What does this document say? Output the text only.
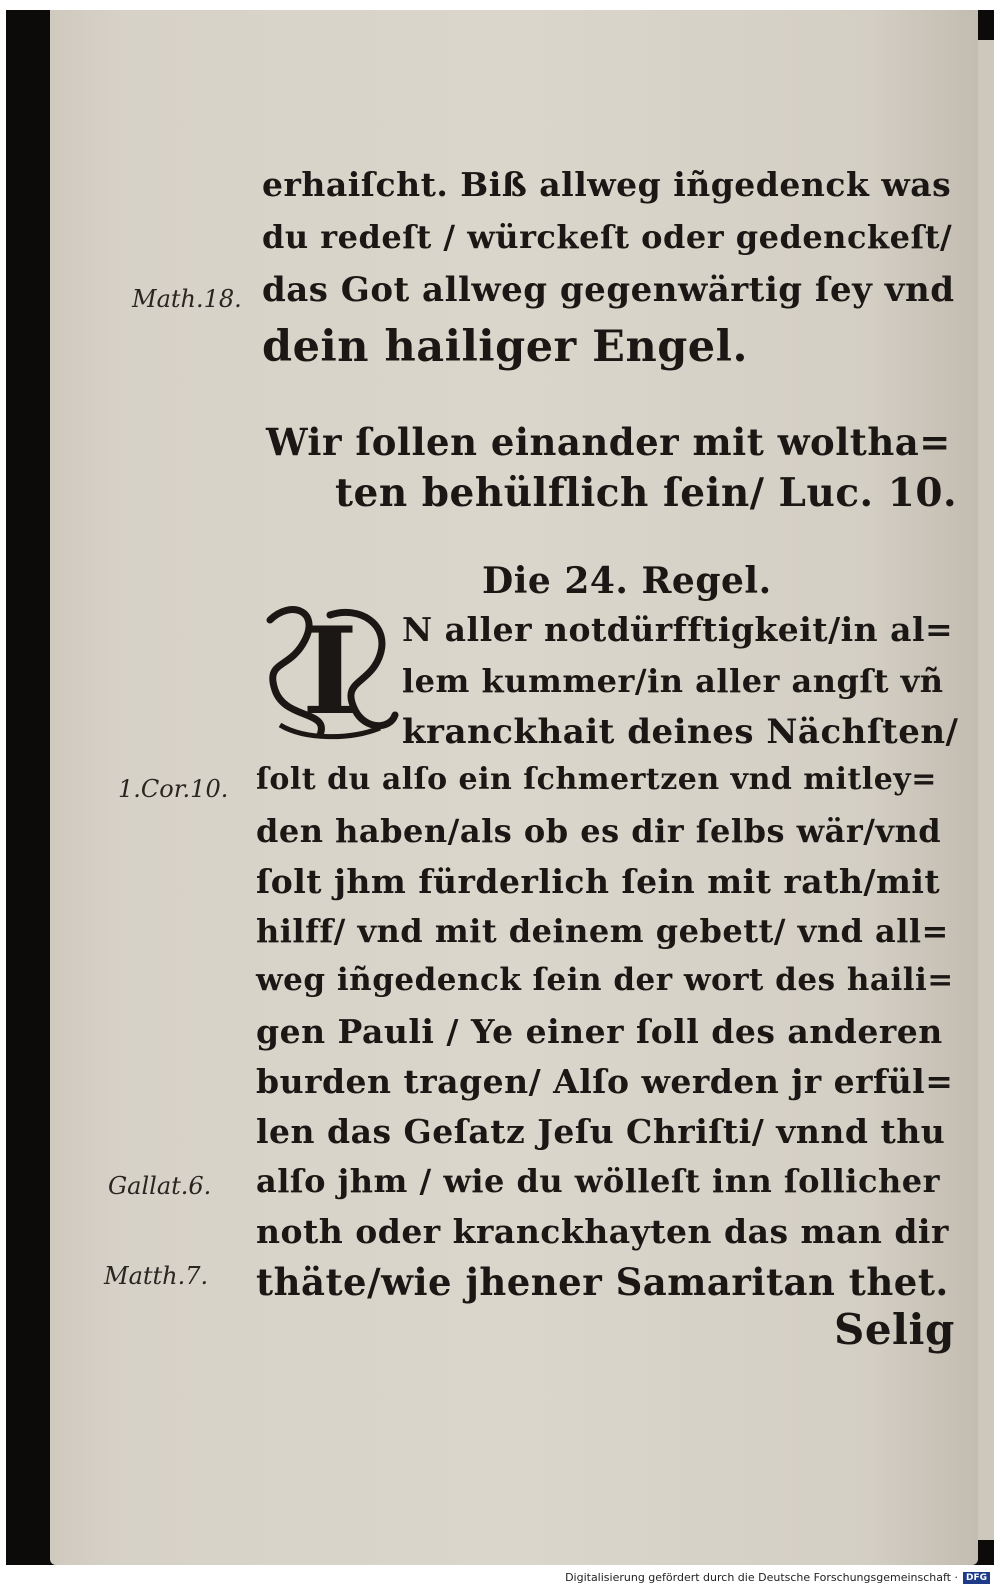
erhaiſcht. Biß allweg iñgedenck was
du redeſt / würckeſt oder gedenckeſt/
das Got allweg gegenwärtig ſey vnd
dein hailiger Engel.
Math.18.
Wir ſollen einander mit woltha=
ten behülflich ſein/ Luc. 10.
Die 24. Regel.
I	N aller notdürfftigkeit/in al=
lem kummer/in aller angſt vñ
kranckhait deines Nächſten/
ſolt du alſo ein ſchmertzen vnd mitley=
den haben/als ob es dir ſelbs wär/vnd
ſolt jhm fürderlich ſein mit rath/mit
hilff/ vnd mit deinem gebett/ vnd all=
weg iñgedenck ſein der wort des haili=
gen Pauli / Ye einer ſoll des anderen
burden tragen/ Alſo werden jr erfül=
len das Geſatz Jeſu Chriſti/ vnnd thu
alſo jhm / wie du wölleſt inn ſollicher
noth oder kranckhayten das man dir
thäte/wie jhener Samaritan thet.
Selig
1.Cor.10.
Gallat.6.
Matth.7.
Digitalisierung gefördert durch die Deutsche Forschungsgemeinschaft · DFG
